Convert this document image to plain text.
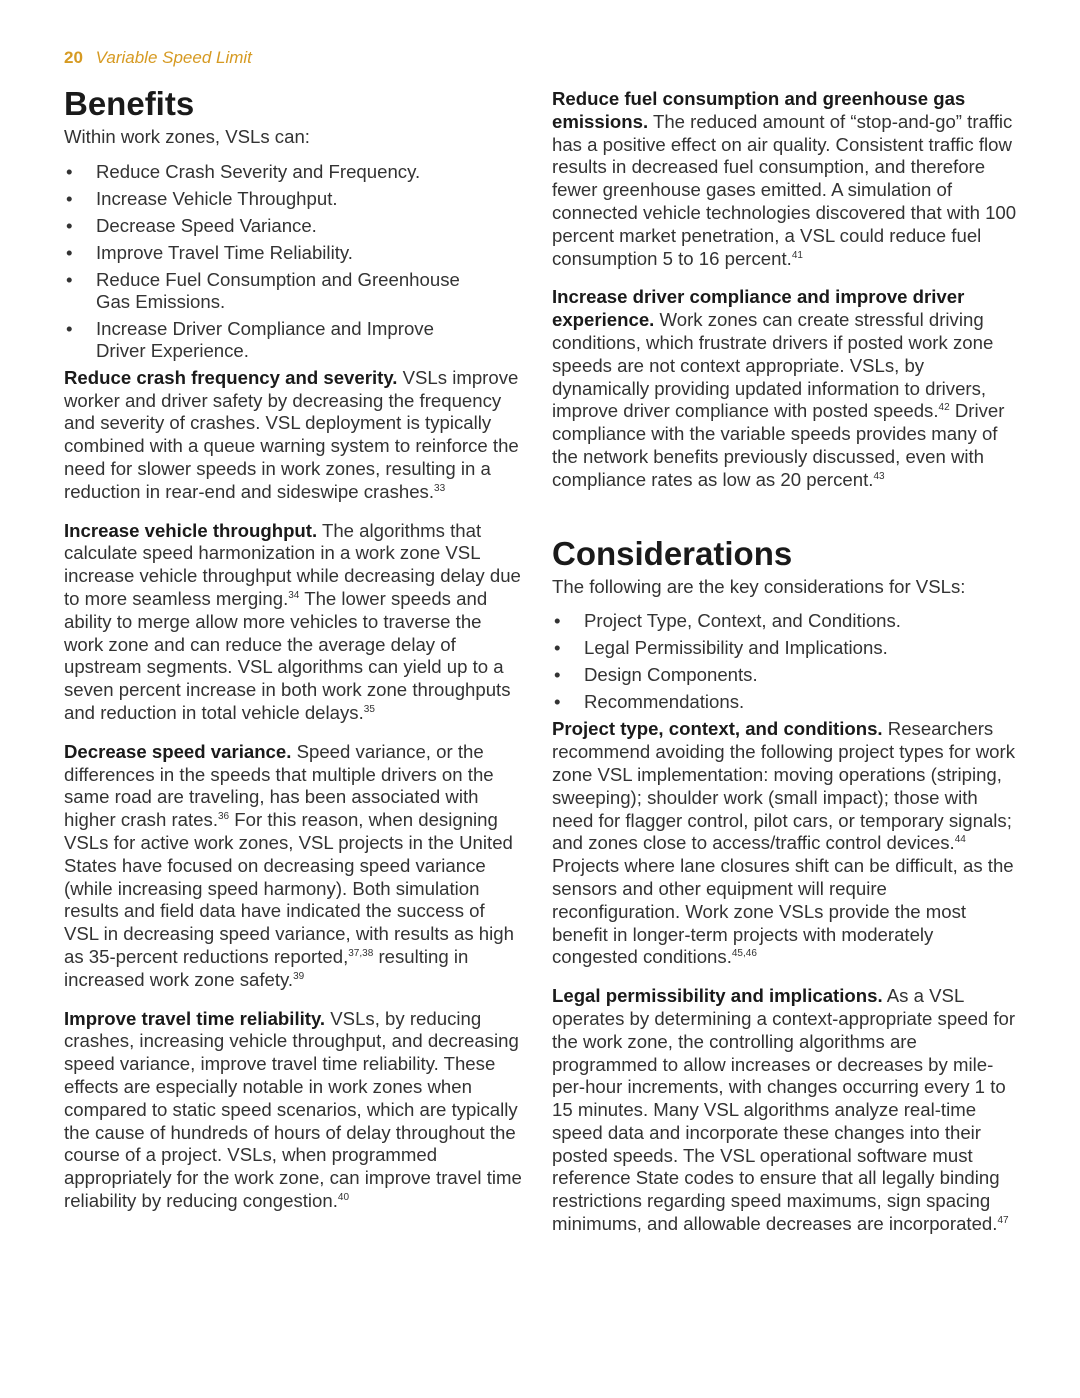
20 Variable Speed Limit
Benefits
Within work zones, VSLs can:
• Reduce Crash Severity and Frequency.
• Increase Vehicle Throughput.
• Decrease Speed Variance.
• Improve Travel Time Reliability.
• Reduce Fuel Consumption and Greenhouse Gas Emissions.
• Increase Driver Compliance and Improve Driver Experience.

Reduce crash frequency and severity. VSLs improve worker and driver safety by decreasing the frequency and severity of crashes. VSL deployment is typically combined with a queue warning system to reinforce the need for slower speeds in work zones, resulting in a reduction in rear-end and sideswipe crashes.$^{33}$

Increase vehicle throughput. The algorithms that calculate speed harmonization in a work zone VSL increase vehicle throughput while decreasing delay due to more seamless merging.$^{34}$ The lower speeds and ability to merge allow more vehicles to traverse the work zone and can reduce the average delay of upstream segments. VSL algorithms can yield up to a seven percent increase in both work zone throughputs and reduction in total vehicle delays.$^{35}$

Decrease speed variance. Speed variance, or the differences in the speeds that multiple drivers on the same road are traveling, has been associated with higher crash rates.$^{36}$ For this reason, when designing VSLs for active work zones, VSL projects in the United States have focused on decreasing speed variance (while increasing speed harmony). Both simulation results and field data have indicated the success of VSL in decreasing speed variance, with results as high as 35-percent reductions reported,$^{37,38}$ resulting in increased work zone safety.$^{39}$

Improve travel time reliability. VSLs, by reducing crashes, increasing vehicle throughput, and decreasing speed variance, improve travel time reliability. These effects are especially notable in work zones when compared to static speed scenarios, which are typically the cause of hundreds of hours of delay throughout the course of a project. VSLs, when programmed appropriately for the work zone, can improve travel time reliability by reducing congestion.$^{40}$

Reduce fuel consumption and greenhouse gas emissions. The reduced amount of “stop-and-go” traffic has a positive effect on air quality. Consistent traffic flow results in decreased fuel consumption, and therefore fewer greenhouse gases emitted. A simulation of connected vehicle technologies discovered that with 100 percent market penetration, a VSL could reduce fuel consumption 5 to 16 percent.$^{41}$

Increase driver compliance and improve driver experience. Work zones can create stressful driving conditions, which frustrate drivers if posted work zone speeds are not context appropriate. VSLs, by dynamically providing updated information to drivers, improve driver compliance with posted speeds.$^{42}$ Driver compliance with the variable speeds provides many of the network benefits previously discussed, even with compliance rates as low as 20 percent.$^{43}$

Considerations
The following are the key considerations for VSLs:
• Project Type, Context, and Conditions.
• Legal Permissibility and Implications.
• Design Components.
• Recommendations.

Project type, context, and conditions. Researchers recommend avoiding the following project types for work zone VSL implementation: moving operations (striping, sweeping); shoulder work (small impact); those with need for flagger control, pilot cars, or temporary signals; and zones close to access/traffic control devices.$^{44}$ Projects where lane closures shift can be difficult, as the sensors and other equipment will require reconfiguration. Work zone VSLs provide the most benefit in longer-term projects with moderately congested conditions.$^{45,46}$

Legal permissibility and implications. As a VSL operates by determining a context-appropriate speed for the work zone, the controlling algorithms are programmed to allow increases or decreases by mile-per-hour increments, with changes occurring every 1 to 15 minutes. Many VSL algorithms analyze real-time speed data and incorporate these changes into their posted speeds. The VSL operational software must reference State codes to ensure that all legally binding restrictions regarding speed maximums, sign spacing minimums, and allowable decreases are incorporated.$^{47}$
